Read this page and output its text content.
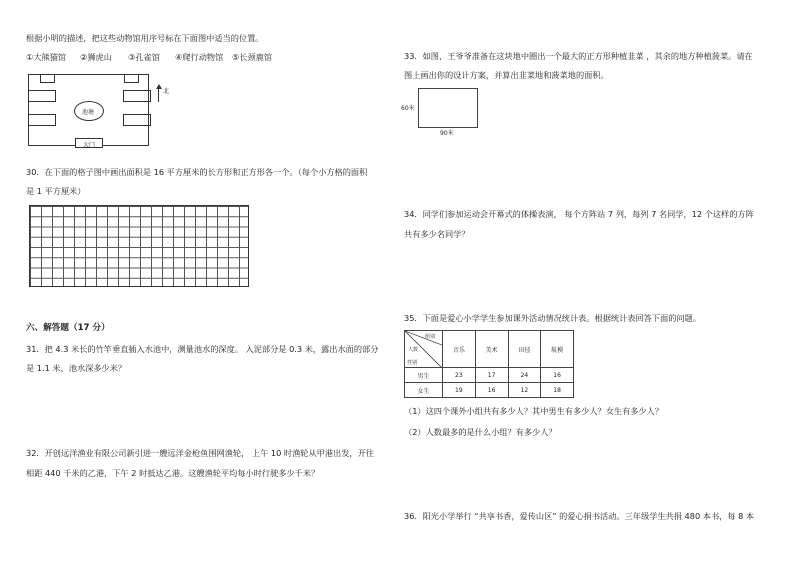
根据小明的描述，把这些动物馆用序号标在下面图中适当的位置。
①大熊猫馆 ②狮虎山 ③孔雀馆 ④爬行动物馆 ⑤长颈鹿馆
池塘
大门
北
30．在下面的格子图中画出面积是 16 平方厘米的长方形和正方形各一个。（每个小方格的面积
是 1 平方厘米）
六、解答题（17 分）
31．把 4.3 米长的竹竿垂直插入水池中，测量池水的深度。 入泥部分是 0.3 米，露出水面的部分
是 1.1 米，池水深多少米？
32．开创远洋渔业有限公司新引进一艘远洋金枪鱼围网渔轮， 上午 10 时渔轮从甲港出发，开往
相距 440 千米的乙港，下午 2 时抵达乙港。这艘渔轮平均每小时行驶多少千米？
33．如图，王爷爷准备在这块地中圈出一个最大的正方形种植韭菜 ，其余的地方种植菠菜。请在
图上画出你的设计方案，并算出韭菜地和菠菜地的面积。
60米
90米
34．同学们参加运动会开幕式的体操表演， 每个方阵站 7 列，每列 7 名同学，12 个这样的方阵
共有多少名同学？
35．下面是爱心小学学生参加课外活动情况统计表。根据统计表回答下面的问题。
组别
人数
性别	音乐	美术	田径	航模
男生	23	17	24	16
女生	19	16	12	18
（1）这四个课外小组共有多少人？其中男生有多少人？女生有多少人？
（2）人数最多的是什么小组？有多少人？
36．阳光小学举行 “共享书香，爱传山区” 的爱心捐书活动。三年级学生共捐 480 本书，每 8 本
